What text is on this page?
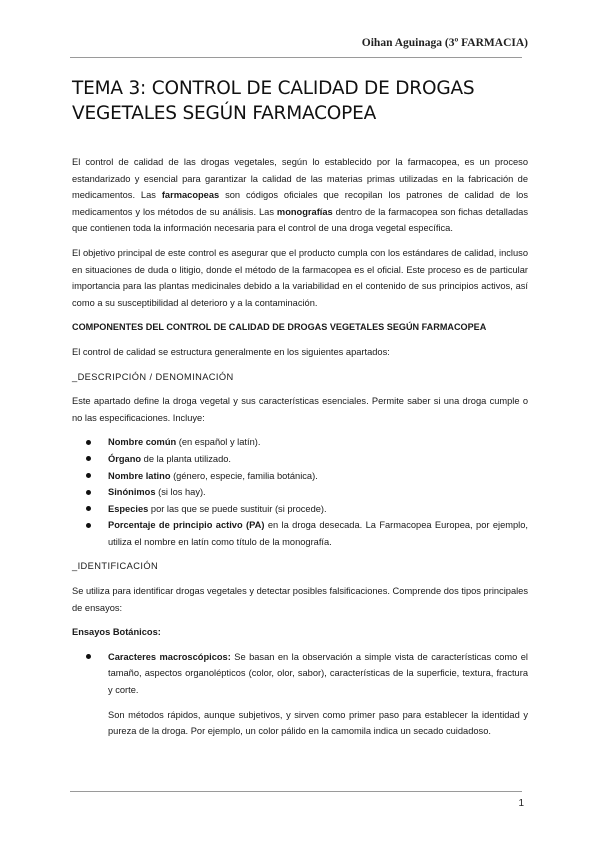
Oihan Aguinaga (3º FARMACIA)
TEMA 3: CONTROL DE CALIDAD DE DROGAS VEGETALES SEGÚN FARMACOPEA

El control de calidad de las drogas vegetales, según lo establecido por la farmacopea, es un proceso estandarizado y esencial para garantizar la calidad de las materias primas utilizadas en la fabricación de medicamentos. Las farmacopeas son códigos oficiales que recopilan los patrones de calidad de los medicamentos y los métodos de su análisis. Las monografías dentro de la farmacopea son fichas detalladas que contienen toda la información necesaria para el control de una droga vegetal específica.

El objetivo principal de este control es asegurar que el producto cumpla con los estándares de calidad, incluso en situaciones de duda o litigio, donde el método de la farmacopea es el oficial. Este proceso es de particular importancia para las plantas medicinales debido a la variabilidad en el contenido de sus principios activos, así como a su susceptibilidad al deterioro y a la contaminación.

COMPONENTES DEL CONTROL DE CALIDAD DE DROGAS VEGETALES SEGÚN FARMACOPEA

El control de calidad se estructura generalmente en los siguientes apartados:

_DESCRIPCIÓN / DENOMINACIÓN

Este apartado define la droga vegetal y sus características esenciales. Permite saber si una droga cumple o no las especificaciones. Incluye:

Nombre común (en español y latín).
Órgano de la planta utilizado.
Nombre latino (género, especie, familia botánica).
Sinónimos (si los hay).
Especies por las que se puede sustituir (si procede).
Porcentaje de principio activo (PA) en la droga desecada. La Farmacopea Europea, por ejemplo, utiliza el nombre en latín como título de la monografía.

_IDENTIFICACIÓN

Se utiliza para identificar drogas vegetales y detectar posibles falsificaciones. Comprende dos tipos principales de ensayos:

Ensayos Botánicos:

Caracteres macroscópicos: Se basan en la observación a simple vista de características como el tamaño, aspectos organolépticos (color, olor, sabor), características de la superficie, textura, fractura y corte.

Son métodos rápidos, aunque subjetivos, y sirven como primer paso para establecer la identidad y pureza de la droga. Por ejemplo, un color pálido en la camomila indica un secado cuidadoso.

1
